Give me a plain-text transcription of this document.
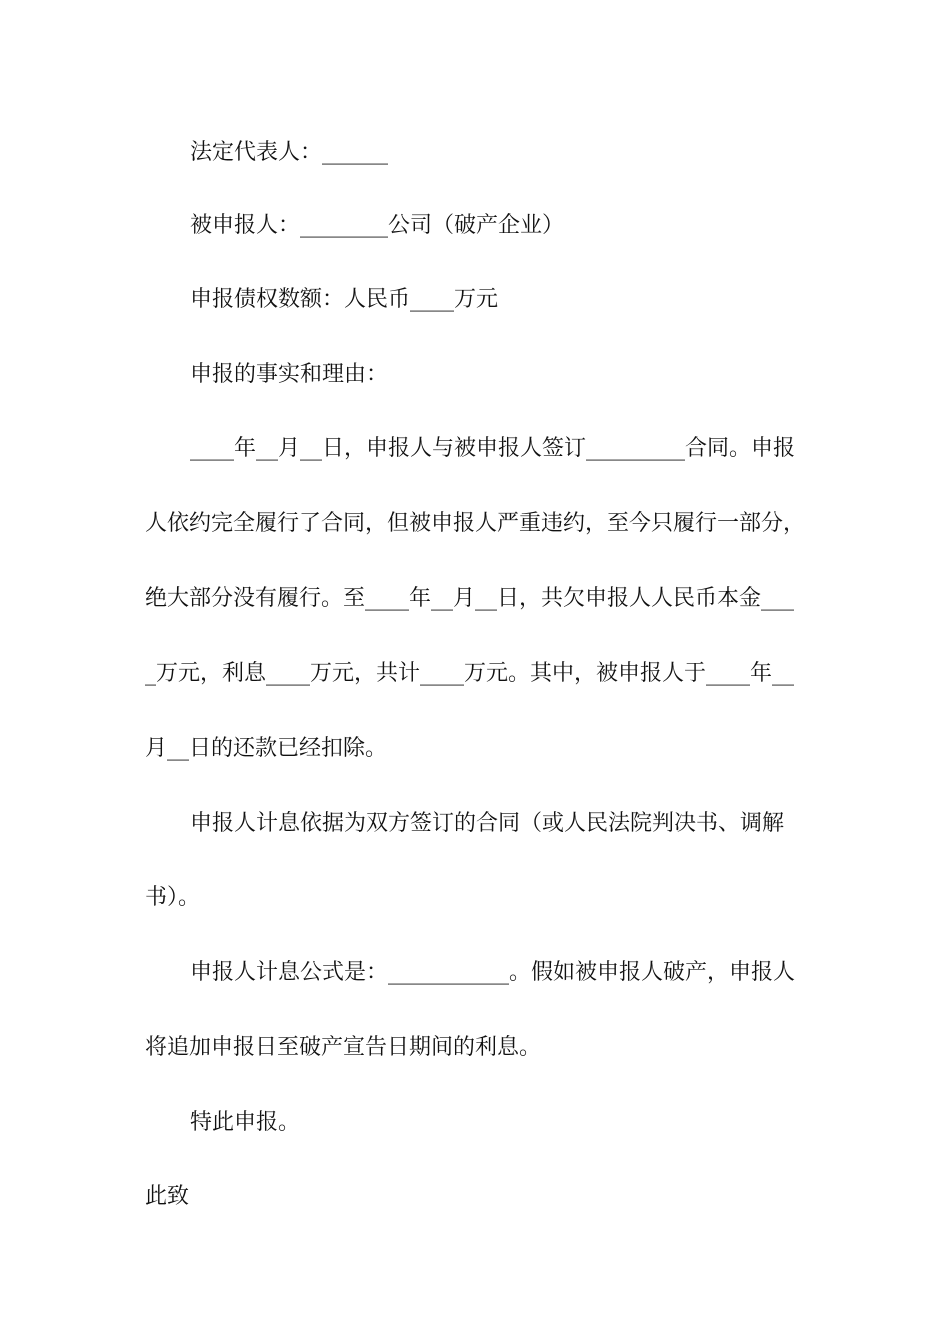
法定代表人：______
被申报人：________公司（破产企业）
申报债权数额：人民币____万元
申报的事实和理由：
____年__月__日，申报人与被申报人签订_________合同。申报
人依约完全履行了合同，但被申报人严重违约，至今只履行一部分，
绝大部分没有履行。至____年__月__日，共欠申报人人民币本金___
_万元，利息____万元，共计____万元。其中，被申报人于____年__
月__日的还款已经扣除。
申报人计息依据为双方签订的合同（或人民法院判决书、调解
书）。
申报人计息公式是：___________。假如被申报人破产，申报人
将追加申报日至破产宣告日期间的利息。
特此申报。
此致
